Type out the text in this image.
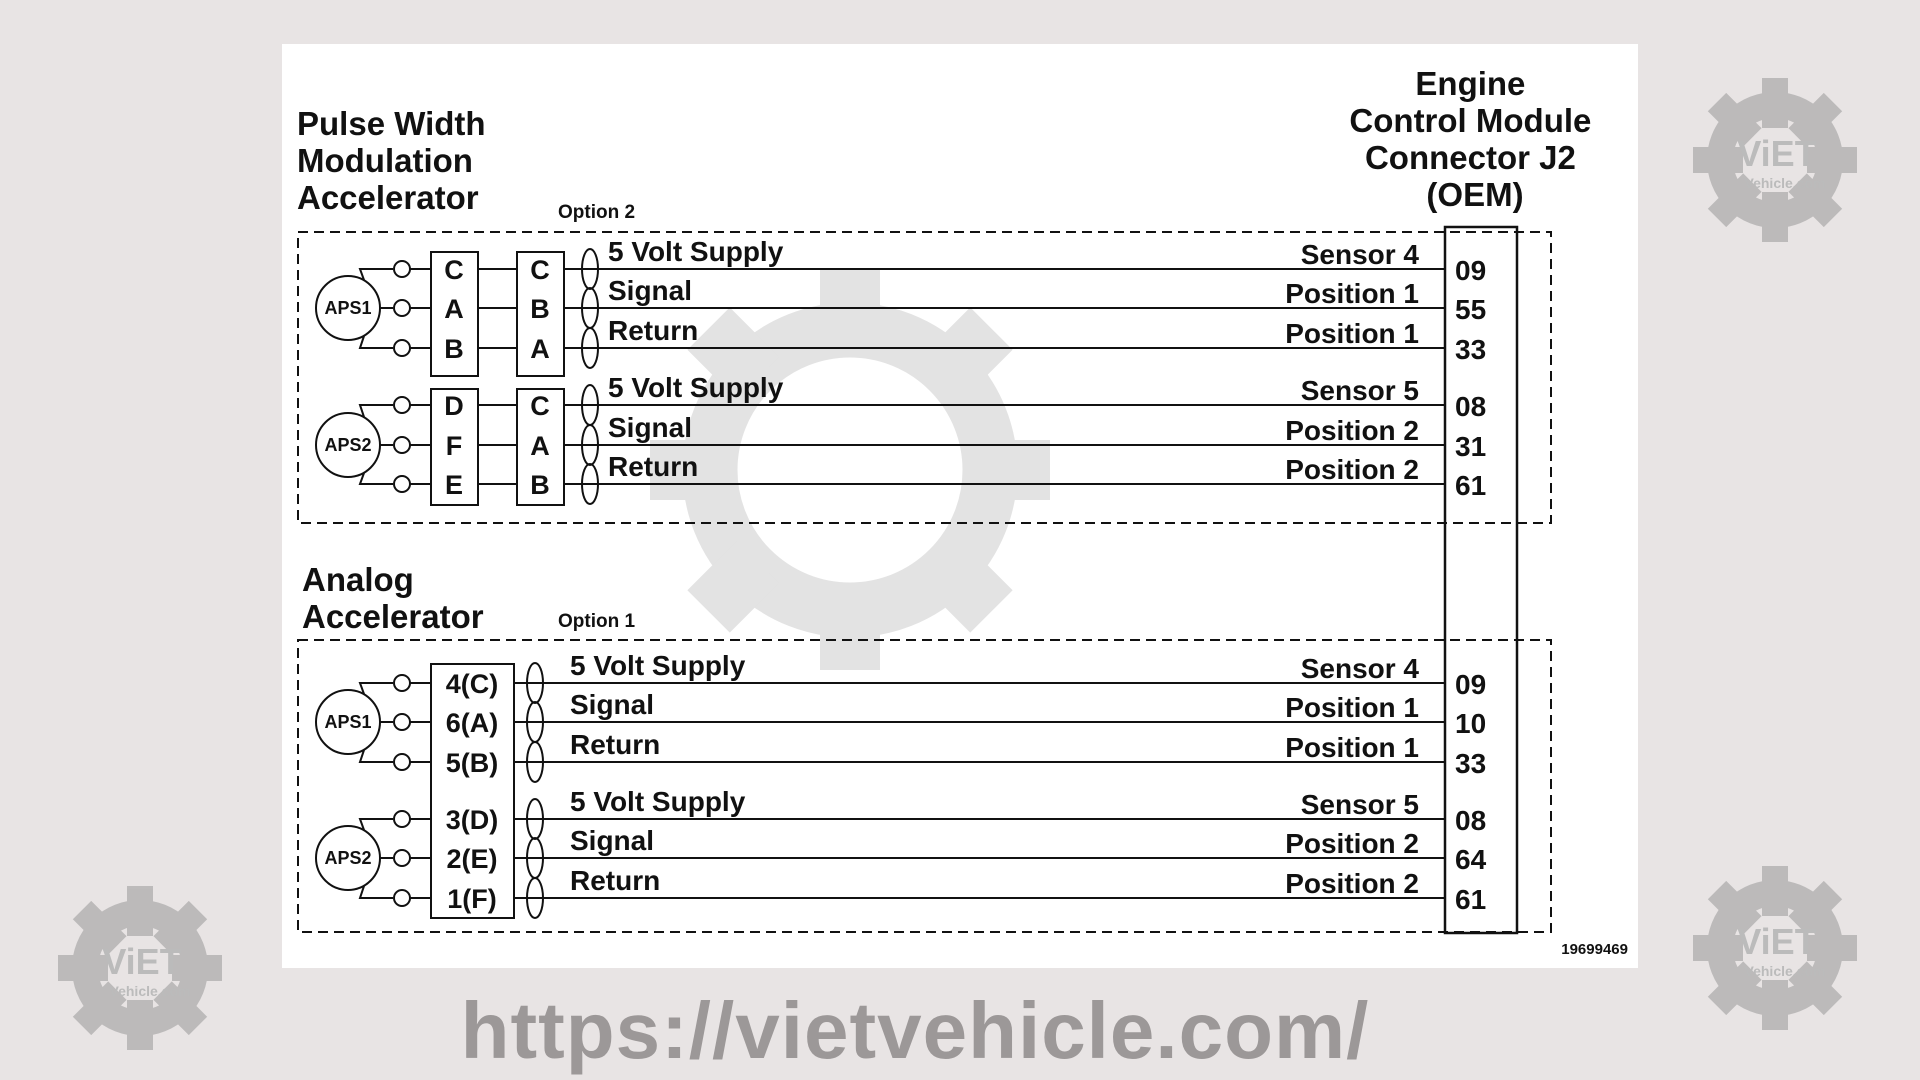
Engine Control Module Connector J2 (OEM)
Pulse Width Modulation Accelerator	Option 2
Analog Accelerator	Option 1
19699469
APS1
C C
5 Volt Supply	Sensor 4
09
A B
Signal	Position 1
55
B A
Return	Position 1
33
APS2
D C
5 Volt Supply	Sensor 5
08
F	A
Signal	Position 2
31
E B
Return	Position 2
61
APS1
4(C)
5 Volt Supply	Sensor 4
09
6(A)
Signal	Position 1
10
5(B)
Return	Position 1
33
APS2
3(D)
5 Volt Supply	Sensor 5
08
2(E)
Signal	Position 2
64
1(F)
Return	Position 2
61
https://vietvehicle.com/
ViET
Vehicle.com
ViET
Vehicle.com
ViET
Vehicle.com
